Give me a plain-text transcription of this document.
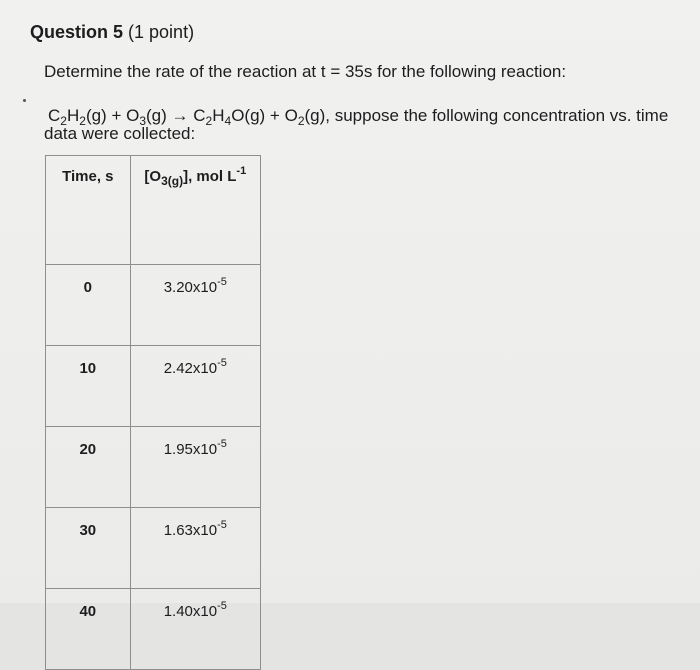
Question 5 (1 point)
Determine the rate of the reaction at t = 35s for the following reaction:
$C_2H_2(g) + O_3(g) \to C_2H_4O(g) + O_2(g)$, suppose the following concentration vs. time
data were collected:
Time, s	$[O_{3(g)}]$, mol $L^{-1}$
0	$3.20x10^{-5}$
10	$2.42x10^{-5}$
20	$1.95x10^{-5}$
30	$1.63x10^{-5}$
40	$1.40x10^{-5}$
